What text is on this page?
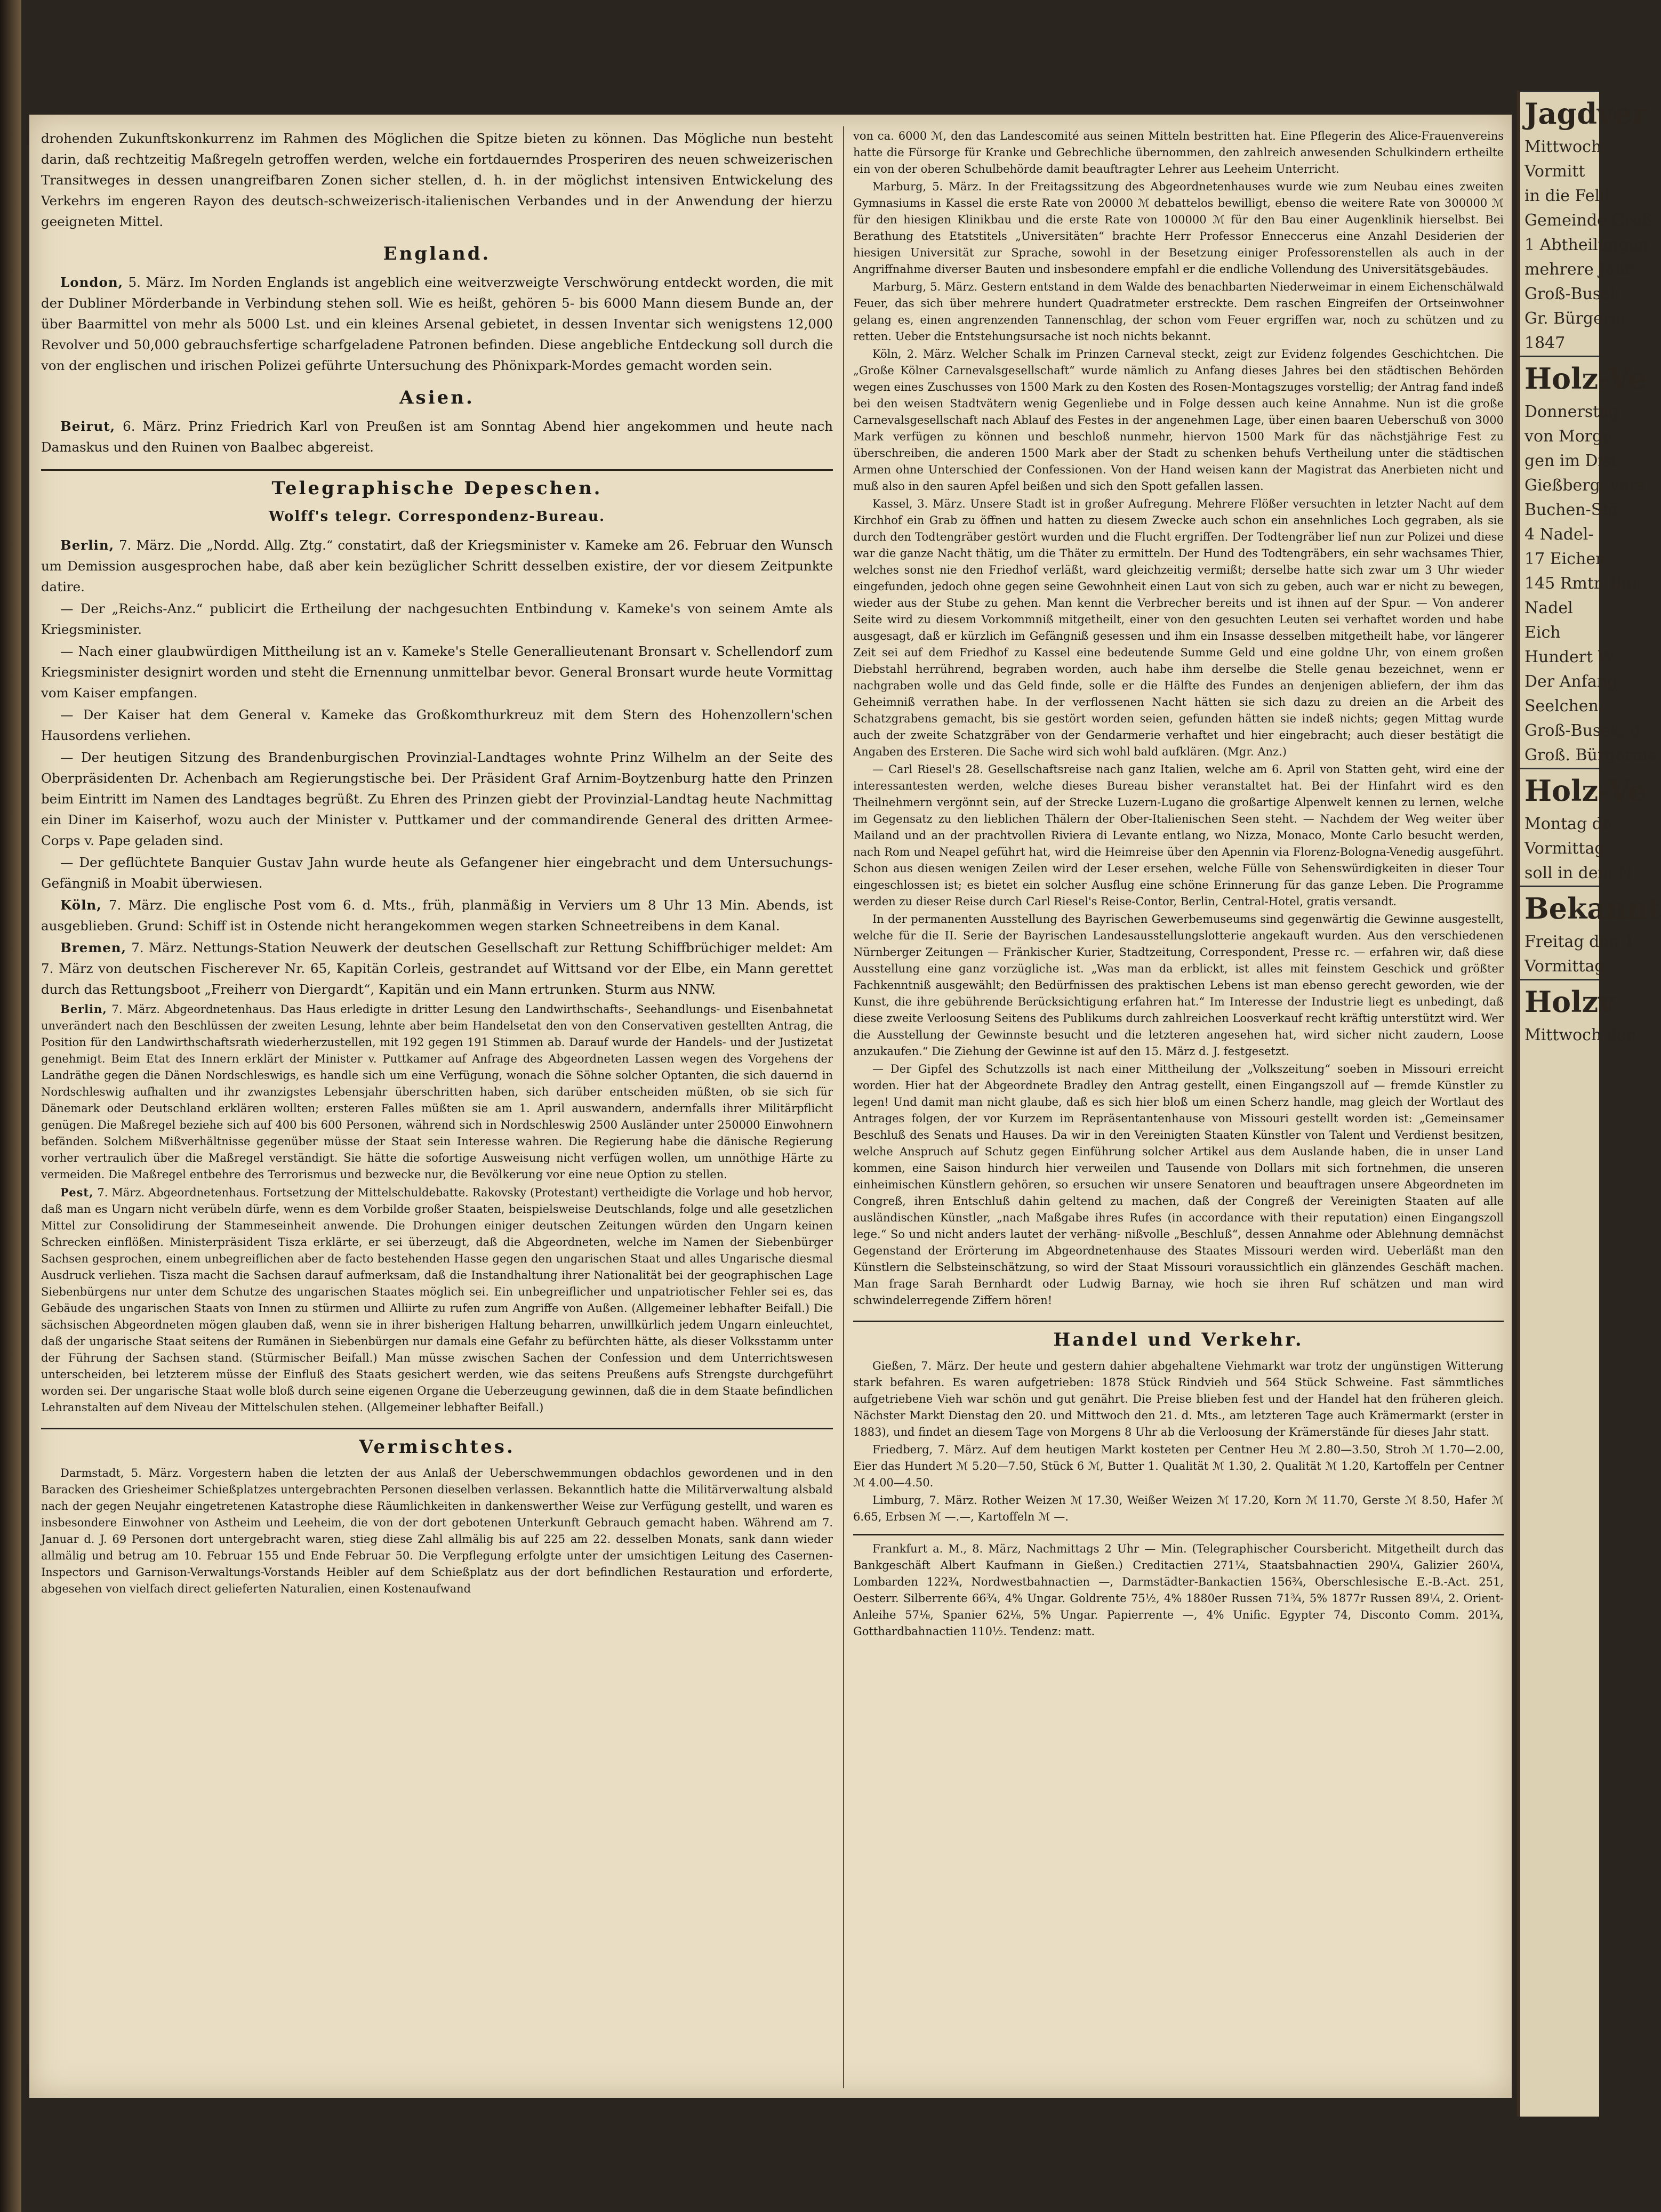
drohenden Zukunftskonkurrenz im Rahmen des Möglichen die Spitze bieten zu können. Das Mögliche nun besteht darin, daß rechtzeitig Maßregeln getroffen werden, welche ein fortdauerndes Prosperiren des neuen schweizerischen Transitweges in dessen unangreifbaren Zonen sicher stellen, d. h. in der möglichst intensiven Entwickelung des Verkehrs im engeren Rayon des deutsch-schweizerisch-italienischen Verbandes und in der Anwendung der hierzu geeigneten Mittel.

England.

London, 5. März. Im Norden Englands ist angeblich eine weitverzweigte Verschwörung entdeckt worden, die mit der Dubliner Mörderbande in Verbindung stehen soll. Wie es heißt, gehören 5- bis 6000 Mann diesem Bunde an, der über Baarmittel von mehr als 5000 Lst. und ein kleines Arsenal gebietet, in dessen Inventar sich wenigstens 12,000 Revolver und 50,000 gebrauchsfertige scharfgeladene Patronen befinden. Diese angebliche Entdeckung soll durch die von der englischen und irischen Polizei geführte Untersuchung des Phönixpark-Mordes gemacht worden sein.

Asien.

Beirut, 6. März. Prinz Friedrich Karl von Preußen ist am Sonntag Abend hier angekommen und heute nach Damaskus und den Ruinen von Baalbec abgereist.

Telegraphische Depeschen.
Wolff's telegr. Correspondenz-Bureau.

Berlin, 7. März. Die „Nordd. Allg. Ztg.“ constatirt, daß der Kriegsminister v. Kameke am 26. Februar den Wunsch um Demission ausgesprochen habe, daß aber kein bezüglicher Schritt desselben existire, der vor diesem Zeitpunkte datire.

— Der „Reichs-Anz.“ publicirt die Ertheilung der nachgesuchten Entbindung v. Kameke's von seinem Amte als Kriegsminister.

— Nach einer glaubwürdigen Mittheilung ist an v. Kameke's Stelle Generallieutenant Bronsart v. Schellendorf zum Kriegsminister designirt worden und steht die Ernennung unmittelbar bevor. General Bronsart wurde heute Vormittag vom Kaiser empfangen.

— Der Kaiser hat dem General v. Kameke das Großkomthurkreuz mit dem Stern des Hohenzollern'schen Hausordens verliehen.

— Der heutigen Sitzung des Brandenburgischen Provinzial-Landtages wohnte Prinz Wilhelm an der Seite des Oberpräsidenten Dr. Achenbach am Regierungstische bei. Der Präsident Graf Arnim-Boytzenburg hatte den Prinzen beim Eintritt im Namen des Landtages begrüßt. Zu Ehren des Prinzen giebt der Provinzial-Landtag heute Nachmittag ein Diner im Kaiserhof, wozu auch der Minister v. Puttkamer und der commandirende General des dritten Armee-Corps v. Pape geladen sind.

— Der geflüchtete Banquier Gustav Jahn wurde heute als Gefangener hier eingebracht und dem Untersuchungs-Gefängniß in Moabit überwiesen.

Köln, 7. März. Die englische Post vom 6. d. Mts., früh, planmäßig in Verviers um 8 Uhr 13 Min. Abends, ist ausgeblieben. Grund: Schiff ist in Ostende nicht herangekommen wegen starken Schneetreibens in dem Kanal.

Bremen, 7. März. Nettungs-Station Neuwerk der deutschen Gesellschaft zur Rettung Schiffbrüchiger meldet: Am 7. März von deutschen Fischerever Nr. 65, Kapitän Corleis, gestrandet auf Wittsand vor der Elbe, ein Mann gerettet durch das Rettungsboot „Freiherr von Diergardt“, Kapitän und ein Mann ertrunken. Sturm aus NNW.

Berlin, 7. März. Abgeordnetenhaus. Das Haus erledigte in dritter Lesung den Landwirthschafts-, Seehandlungs- und Eisenbahnetat unverändert nach den Beschlüssen der zweiten Lesung, lehnte aber beim Handelsetat den von den Conservativen gestellten Antrag, die Position für den Landwirthschaftsrath wiederherzustellen, mit 192 gegen 191 Stimmen ab. Darauf wurde der Handels- und der Justizetat genehmigt. Beim Etat des Innern erklärt der Minister v. Puttkamer auf Anfrage des Abgeordneten Lassen wegen des Vorgehens der Landräthe gegen die Dänen Nordschleswigs, es handle sich um eine Verfügung, wonach die Söhne solcher Optanten, die sich dauernd in Nordschleswig aufhalten und ihr zwanzigstes Lebensjahr überschritten haben, sich darüber entscheiden müßten, ob sie sich für Dänemark oder Deutschland erklären wollten; ersteren Falles müßten sie am 1. April auswandern, andernfalls ihrer Militärpflicht genügen. Die Maßregel beziehe sich auf 400 bis 600 Personen, während sich in Nordschleswig 2500 Ausländer unter 250000 Einwohnern befänden. Solchem Mißverhältnisse gegenüber müsse der Staat sein Interesse wahren. Die Regierung habe die dänische Regierung vorher vertraulich über die Maßregel verständigt. Sie hätte die sofortige Ausweisung nicht verfügen wollen, um unnöthige Härte zu vermeiden. Die Maßregel entbehre des Terrorismus und bezwecke nur, die Bevölkerung vor eine neue Option zu stellen.

Pest, 7. März. Abgeordnetenhaus. Fortsetzung der Mittelschuldebatte. Rakovsky (Protestant) vertheidigte die Vorlage und hob hervor, daß man es Ungarn nicht verübeln dürfe, wenn es dem Vorbilde großer Staaten, beispielsweise Deutschlands, folge und alle gesetzlichen Mittel zur Consolidirung der Stammeseinheit anwende. Die Drohungen einiger deutschen Zeitungen würden den Ungarn keinen Schrecken einflößen. Ministerpräsident Tisza erklärte, er sei überzeugt, daß die Abgeordneten, welche im Namen der Siebenbürger Sachsen gesprochen, einem unbegreiflichen aber de facto bestehenden Hasse gegen den ungarischen Staat und alles Ungarische diesmal Ausdruck verliehen. Tisza macht die Sachsen darauf aufmerksam, daß die Instandhaltung ihrer Nationalität bei der geographischen Lage Siebenbürgens nur unter dem Schutze des ungarischen Staates möglich sei. Ein unbegreiflicher und unpatriotischer Fehler sei es, das Gebäude des ungarischen Staats von Innen zu stürmen und Alliirte zu rufen zum Angriffe von Außen. (Allgemeiner lebhafter Beifall.) Die sächsischen Abgeordneten mögen glauben daß, wenn sie in ihrer bisherigen Haltung beharren, unwillkürlich jedem Ungarn einleuchtet, daß der ungarische Staat seitens der Rumänen in Siebenbürgen nur damals eine Gefahr zu befürchten hätte, als dieser Volksstamm unter der Führung der Sachsen stand. (Stürmischer Beifall.) Man müsse zwischen Sachen der Confession und dem Unterrichtswesen unterscheiden, bei letzterem müsse der Einfluß des Staats gesichert werden, wie das seitens Preußens aufs Strengste durchgeführt worden sei. Der ungarische Staat wolle bloß durch seine eigenen Organe die Ueberzeugung gewinnen, daß die in dem Staate befindlichen Lehranstalten auf dem Niveau der Mittelschulen stehen. (Allgemeiner lebhafter Beifall.)

Vermischtes.

Darmstadt, 5. März. Vorgestern haben die letzten der aus Anlaß der Ueberschwemmungen obdachlos gewordenen und in den Baracken des Griesheimer Schießplatzes untergebrachten Personen dieselben verlassen. Bekanntlich hatte die Militärverwaltung alsbald nach der gegen Neujahr eingetretenen Katastrophe diese Räumlichkeiten in dankenswerther Weise zur Verfügung gestellt, und waren es insbesondere Einwohner von Astheim und Leeheim, die von der dort gebotenen Unterkunft Gebrauch gemacht haben. Während am 7. Januar d. J. 69 Personen dort untergebracht waren, stieg diese Zahl allmälig bis auf 225 am 22. desselben Monats, sank dann wieder allmälig und betrug am 10. Februar 155 und Ende Februar 50. Die Verpflegung erfolgte unter der umsichtigen Leitung des Casernen-Inspectors und Garnison-Verwaltungs-Vorstands Heibler auf dem Schießplatz aus der dort befindlichen Restauration und erforderte, abgesehen von vielfach direct gelieferten Naturalien, einen Kostenaufwand

von ca. 6000 ℳ, den das Landescomité aus seinen Mitteln bestritten hat. Eine Pflegerin des Alice-Frauenvereins hatte die Fürsorge für Kranke und Gebrechliche übernommen, den zahlreich anwesenden Schulkindern ertheilte ein von der oberen Schulbehörde damit beauftragter Lehrer aus Leeheim Unterricht.

Marburg, 5. März. In der Freitagssitzung des Abgeordnetenhauses wurde wie zum Neubau eines zweiten Gymnasiums in Kassel die erste Rate von 20000 ℳ debattelos bewilligt, ebenso die weitere Rate von 300000 ℳ für den hiesigen Klinikbau und die erste Rate von 100000 ℳ für den Bau einer Augenklinik hierselbst. Bei Berathung des Etatstitels „Universitäten“ brachte Herr Professor Enneccerus eine Anzahl Desiderien der hiesigen Universität zur Sprache, sowohl in der Besetzung einiger Professorenstellen als auch in der Angriffnahme diverser Bauten und insbesondere empfahl er die endliche Vollendung des Universitätsgebäudes.

Marburg, 5. März. Gestern entstand in dem Walde des benachbarten Niederweimar in einem Eichenschälwald Feuer, das sich über mehrere hundert Quadratmeter erstreckte. Dem raschen Eingreifen der Ortseinwohner gelang es, einen angrenzenden Tannenschlag, der schon vom Feuer ergriffen war, noch zu schützen und zu retten. Ueber die Entstehungsursache ist noch nichts bekannt.

Köln, 2. März. Welcher Schalk im Prinzen Carneval steckt, zeigt zur Evidenz folgendes Geschichtchen. Die „Große Kölner Carnevalsgesellschaft“ wurde nämlich zu Anfang dieses Jahres bei den städtischen Behörden wegen eines Zuschusses von 1500 Mark zu den Kosten des Rosen-Montagszuges vorstellig; der Antrag fand indeß bei den weisen Stadtvätern wenig Gegenliebe und in Folge dessen auch keine Annahme. Nun ist die große Carnevalsgesellschaft nach Ablauf des Festes in der angenehmen Lage, über einen baaren Ueberschuß von 3000 Mark verfügen zu können und beschloß nunmehr, hiervon 1500 Mark für das nächstjährige Fest zu überschreiben, die anderen 1500 Mark aber der Stadt zu schenken behufs Vertheilung unter die städtischen Armen ohne Unterschied der Confessionen. Von der Hand weisen kann der Magistrat das Anerbieten nicht und muß also in den sauren Apfel beißen und sich den Spott gefallen lassen.

Kassel, 3. März. Unsere Stadt ist in großer Aufregung. Mehrere Flößer versuchten in letzter Nacht auf dem Kirchhof ein Grab zu öffnen und hatten zu diesem Zwecke auch schon ein ansehnliches Loch gegraben, als sie durch den Todtengräber gestört wurden und die Flucht ergriffen. Der Todtengräber lief nun zur Polizei und diese war die ganze Nacht thätig, um die Thäter zu ermitteln. Der Hund des Todtengräbers, ein sehr wachsames Thier, welches sonst nie den Friedhof verläßt, ward gleichzeitig vermißt; derselbe hatte sich zwar um 3 Uhr wieder eingefunden, jedoch ohne gegen seine Gewohnheit einen Laut von sich zu geben, auch war er nicht zu bewegen, wieder aus der Stube zu gehen. Man kennt die Verbrecher bereits und ist ihnen auf der Spur. — Von anderer Seite wird zu diesem Vorkommniß mitgetheilt, einer von den gesuchten Leuten sei verhaftet worden und habe ausgesagt, daß er kürzlich im Gefängniß gesessen und ihm ein Insasse desselben mitgetheilt habe, vor längerer Zeit sei auf dem Friedhof zu Kassel eine bedeutende Summe Geld und eine goldne Uhr, von einem großen Diebstahl herrührend, begraben worden, auch habe ihm derselbe die Stelle genau bezeichnet, wenn er nachgraben wolle und das Geld finde, solle er die Hälfte des Fundes an denjenigen abliefern, der ihm das Geheimniß verrathen habe. In der verflossenen Nacht hätten sie sich dazu zu dreien an die Arbeit des Schatzgrabens gemacht, bis sie gestört worden seien, gefunden hätten sie indeß nichts; gegen Mittag wurde auch der zweite Schatzgräber von der Gendarmerie verhaftet und hier eingebracht; auch dieser bestätigt die Angaben des Ersteren. Die Sache wird sich wohl bald aufklären. (Mgr. Anz.)

— Carl Riesel's 28. Gesellschaftsreise nach ganz Italien, welche am 6. April von Statten geht, wird eine der interessantesten werden, welche dieses Bureau bisher veranstaltet hat. Bei der Hinfahrt wird es den Theilnehmern vergönnt sein, auf der Strecke Luzern-Lugano die großartige Alpenwelt kennen zu lernen, welche im Gegensatz zu den lieblichen Thälern der Ober-Italienischen Seen steht. — Nachdem der Weg weiter über Mailand und an der prachtvollen Riviera di Levante entlang, wo Nizza, Monaco, Monte Carlo besucht werden, nach Rom und Neapel geführt hat, wird die Heimreise über den Apennin via Florenz-Bologna-Venedig ausgeführt. Schon aus diesen wenigen Zeilen wird der Leser ersehen, welche Fülle von Sehenswürdigkeiten in dieser Tour eingeschlossen ist; es bietet ein solcher Ausflug eine schöne Erinnerung für das ganze Leben. Die Programme werden zu dieser Reise durch Carl Riesel's Reise-Contor, Berlin, Central-Hotel, gratis versandt.

In der permanenten Ausstellung des Bayrischen Gewerbemuseums sind gegenwärtig die Gewinne ausgestellt, welche für die II. Serie der Bayrischen Landesausstellungslotterie angekauft wurden. Aus den verschiedenen Nürnberger Zeitungen — Fränkischer Kurier, Stadtzeitung, Correspondent, Presse rc. — erfahren wir, daß diese Ausstellung eine ganz vorzügliche ist. „Was man da erblickt, ist alles mit feinstem Geschick und größter Fachkenntniß ausgewählt; den Bedürfnissen des praktischen Lebens ist man ebenso gerecht geworden, wie der Kunst, die ihre gebührende Berücksichtigung erfahren hat.“ Im Interesse der Industrie liegt es unbedingt, daß diese zweite Verloosung Seitens des Publikums durch zahlreichen Loosverkauf recht kräftig unterstützt wird. Wer die Ausstellung der Gewinnste besucht und die letzteren angesehen hat, wird sicher nicht zaudern, Loose anzukaufen.“ Die Ziehung der Gewinne ist auf den 15. März d. J. festgesetzt.

— Der Gipfel des Schutzzolls ist nach einer Mittheilung der „Volkszeitung“ soeben in Missouri erreicht worden. Hier hat der Abgeordnete Bradley den Antrag gestellt, einen Eingangszoll auf — fremde Künstler zu legen! Und damit man nicht glaube, daß es sich hier bloß um einen Scherz handle, mag gleich der Wortlaut des Antrages folgen, der vor Kurzem im Repräsentantenhause von Missouri gestellt worden ist: „Gemeinsamer Beschluß des Senats und Hauses. Da wir in den Vereinigten Staaten Künstler von Talent und Verdienst besitzen, welche Anspruch auf Schutz gegen Einführung solcher Artikel aus dem Auslande haben, die in unser Land kommen, eine Saison hindurch hier verweilen und Tausende von Dollars mit sich fortnehmen, die unseren einheimischen Künstlern gehören, so ersuchen wir unsere Senatoren und beauftragen unsere Abgeordneten im Congreß, ihren Entschluß dahin geltend zu machen, daß der Congreß der Vereinigten Staaten auf alle ausländischen Künstler, „nach Maßgabe ihres Rufes (in accordance with their reputation) einen Eingangszoll lege.“ So und nicht anders lautet der verhäng- nißvolle „Beschluß“, dessen Annahme oder Ablehnung demnächst Gegenstand der Erörterung im Abgeordnetenhause des Staates Missouri werden wird. Ueberläßt man den Künstlern die Selbsteinschätzung, so wird der Staat Missouri voraussichtlich ein glänzendes Geschäft machen. Man frage Sarah Bernhardt oder Ludwig Barnay, wie hoch sie ihren Ruf schätzen und man wird schwindelerregende Ziffern hören!

Handel und Verkehr.

Gießen, 7. März. Der heute und gestern dahier abgehaltene Viehmarkt war trotz der ungünstigen Witterung stark befahren. Es waren aufgetrieben: 1878 Stück Rindvieh und 564 Stück Schweine. Fast sämmtliches aufgetriebene Vieh war schön und gut genährt. Die Preise blieben fest und der Handel hat den früheren gleich. Nächster Markt Dienstag den 20. und Mittwoch den 21. d. Mts., am letzteren Tage auch Krämermarkt (erster in 1883), und findet an diesem Tage von Morgens 8 Uhr ab die Verloosung der Krämerstände für dieses Jahr statt.

Friedberg, 7. März. Auf dem heutigen Markt kosteten per Centner Heu ℳ 2.80—3.50, Stroh ℳ 1.70—2.00, Eier das Hundert ℳ 5.20—7.50, Stück 6 ℳ, Butter 1. Qualität ℳ 1.30, 2. Qualität ℳ 1.20, Kartoffeln per Centner ℳ 4.00—4.50.

Limburg, 7. März. Rother Weizen ℳ 17.30, Weißer Weizen ℳ 17.20, Korn ℳ 11.70, Gerste ℳ 8.50, Hafer ℳ 6.65, Erbsen ℳ —.—, Kartoffeln ℳ —.

Frankfurt a. M., 8. März, Nachmittags 2 Uhr — Min. (Telegraphischer Coursbericht. Mitgetheilt durch das Bankgeschäft Albert Kaufmann in Gießen.) Creditactien 271¼, Staatsbahnactien 290¼, Galizier 260¼, Lombarden 122¾, Nordwestbahnactien —, Darmstädter-Bankactien 156¾, Oberschlesische E.-B.-Act. 251, Oesterr. Silberrente 66¾, 4% Ungar. Goldrente 75½, 4% 1880er Russen 71¾, 5% 1877r Russen 89¼, 2. Orient-Anleihe 57⅛, Spanier 62⅛, 5% Ungar. Papierrente —, 4% Unific. Egypter 74, Disconto Comm. 201¾, Gotthardbahnactien 110½. Tendenz: matt.

Jagdver
Mittwoch
Vormitt
in die Feld-
Gemeinde Groß-
1 Abtheilungen
mehrere Jahr
Groß-Busek
Gr. Bürgerm
1847
Holz-Ve
Donnerstag
von Morge
gen im Dist
Gießberg, vers
Buchen-Stä
4 Nadel-
17 Eichen-
145 Rmtr. Buc
Nadel
Eich
Hundert W
Der Anfang
Seelchen.
Groß-Busek, d
Groß. Bürgerme
Holz-Ve
Montag de
Vormittag
soll in dem N
Bekannt
Freitag den 1
Vormittag
Holzv
Mittwoch den
